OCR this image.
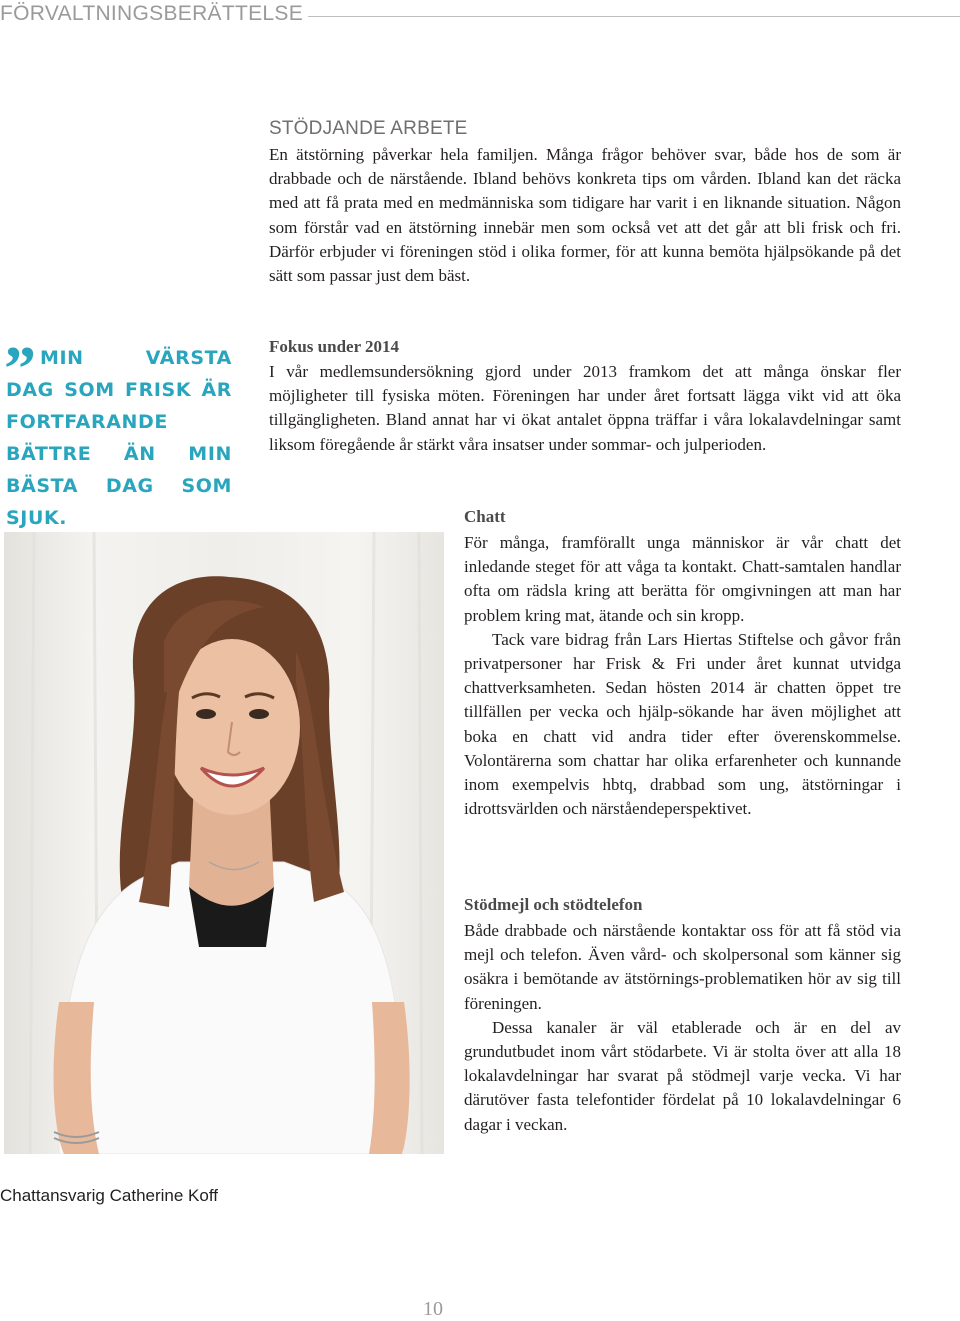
FÖRVALTNINGSBERÄTTELSE
STÖDJANDE ARBETE
En ätstörning påverkar hela familjen. Många frågor behöver svar, både hos de som är drabbade och de närstående. Ibland behövs konkreta tips om vården. Ibland kan det räcka med att få prata med en medmänniska som tidigare har varit i en liknande situation. Någon som förstår vad en ätstörning innebär men som också vet att det går att bli frisk och fri. Därför erbjuder vi föreningen stöd i olika former, för att kunna bemöta hjälpsökande på det sätt som passar just dem bäst.
Fokus under 2014
I vår medlemsundersökning gjord under 2013 framkom det att många önskar fler möjligheter till fysiska möten. Föreningen har under året fortsatt lägga vikt vid att öka tillgängligheten. Bland annat har vi ökat antalet öppna träffar i våra lokalavdelningar samt liksom föregående år stärkt våra insatser under sommar- och julperioden.
” MIN VÄRSTA DAG SOM FRISK ÄR FORTFARANDE BÄTTRE ÄN MIN BÄSTA DAG SOM SJUK.	Chatt

För många, framförallt unga människor är vår chatt det inledande steget för att våga ta kontakt. Chatt-samtalen handlar ofta om rädsla kring att berätta för omgivningen att man har problem kring mat, ätande och sin kropp.

Tack vare bidrag från Lars Hiertas Stiftelse och gåvor från privatpersoner har Frisk & Fri under året kunnat utvidga chattverksamheten. Sedan hösten 2014 är chatten öppet tre tillfällen per vecka och hjälp-sökande har även möjlighet att boka en chatt vid andra tider efter överenskommelse. Volontärerna som chattar har olika erfarenheter och kunnande inom exempelvis hbtq, drabbad som ung, ätstörningar i idrottsvärlden och närståendeperspektivet.

Stödmejl och stödtelefon

Både drabbade och närstående kontaktar oss för att få stöd via mejl och telefon. Även vård- och skolpersonal som känner sig osäkra i bemötande av ätstörnings-problematiken hör av sig till föreningen.

Dessa kanaler är väl etablerade och är en del av grundutbudet inom vårt stödarbete. Vi är stolta över att alla 18 lokalavdelningar har svarat på stödmejl varje vecka. Vi har därutöver fasta telefontider fördelat på 10 lokalavdelningar 6 dagar i veckan.

Chattansvarig Catherine Koff
10
